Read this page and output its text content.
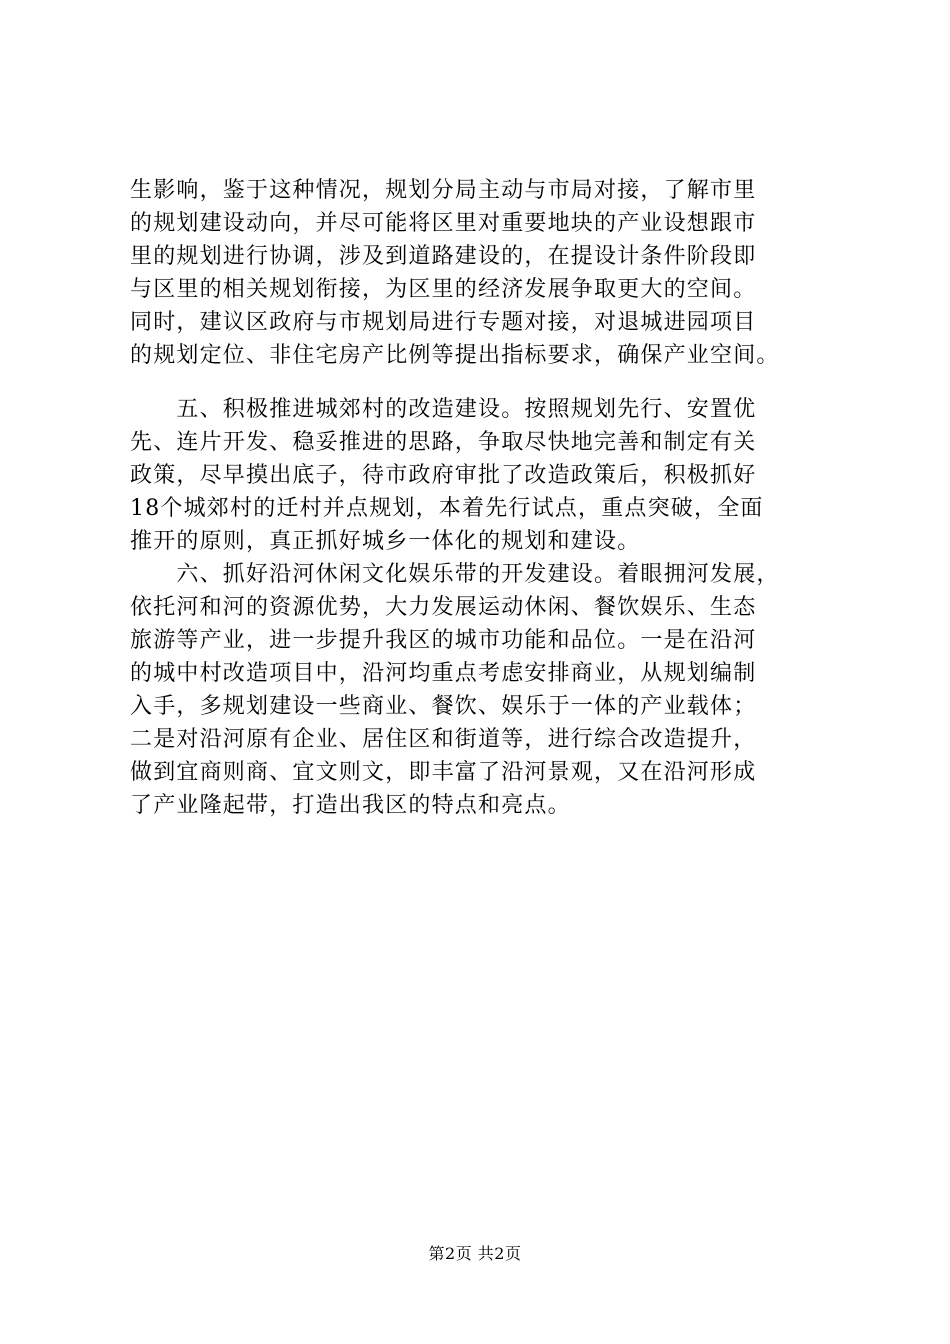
生影响，鉴于这种情况，规划分局主动与市局对接，了解市里
的规划建设动向，并尽可能将区里对重要地块的产业设想跟市
里的规划进行协调，涉及到道路建设的，在提设计条件阶段即
与区里的相关规划衔接，为区里的经济发展争取更大的空间。
同时，建议区政府与市规划局进行专题对接，对退城进园项目
的规划定位、非住宅房产比例等提出指标要求，确保产业空间。
　　五、积极推进城郊村的改造建设。按照规划先行、安置优
先、连片开发、稳妥推进的思路，争取尽快地完善和制定有关
政策，尽早摸出底子，待市政府审批了改造政策后，积极抓好
18个城郊村的迁村并点规划，本着先行试点，重点突破，全面
推开的原则，真正抓好城乡一体化的规划和建设。
　　六、抓好沿河休闲文化娱乐带的开发建设。着眼拥河发展，
依托河和河的资源优势，大力发展运动休闲、餐饮娱乐、生态
旅游等产业，进一步提升我区的城市功能和品位。一是在沿河
的城中村改造项目中，沿河均重点考虑安排商业，从规划编制
入手，多规划建设一些商业、餐饮、娱乐于一体的产业载体；
二是对沿河原有企业、居住区和街道等，进行综合改造提升，
做到宜商则商、宜文则文，即丰富了沿河景观，又在沿河形成
了产业隆起带，打造出我区的特点和亮点。
第2页 共2页
